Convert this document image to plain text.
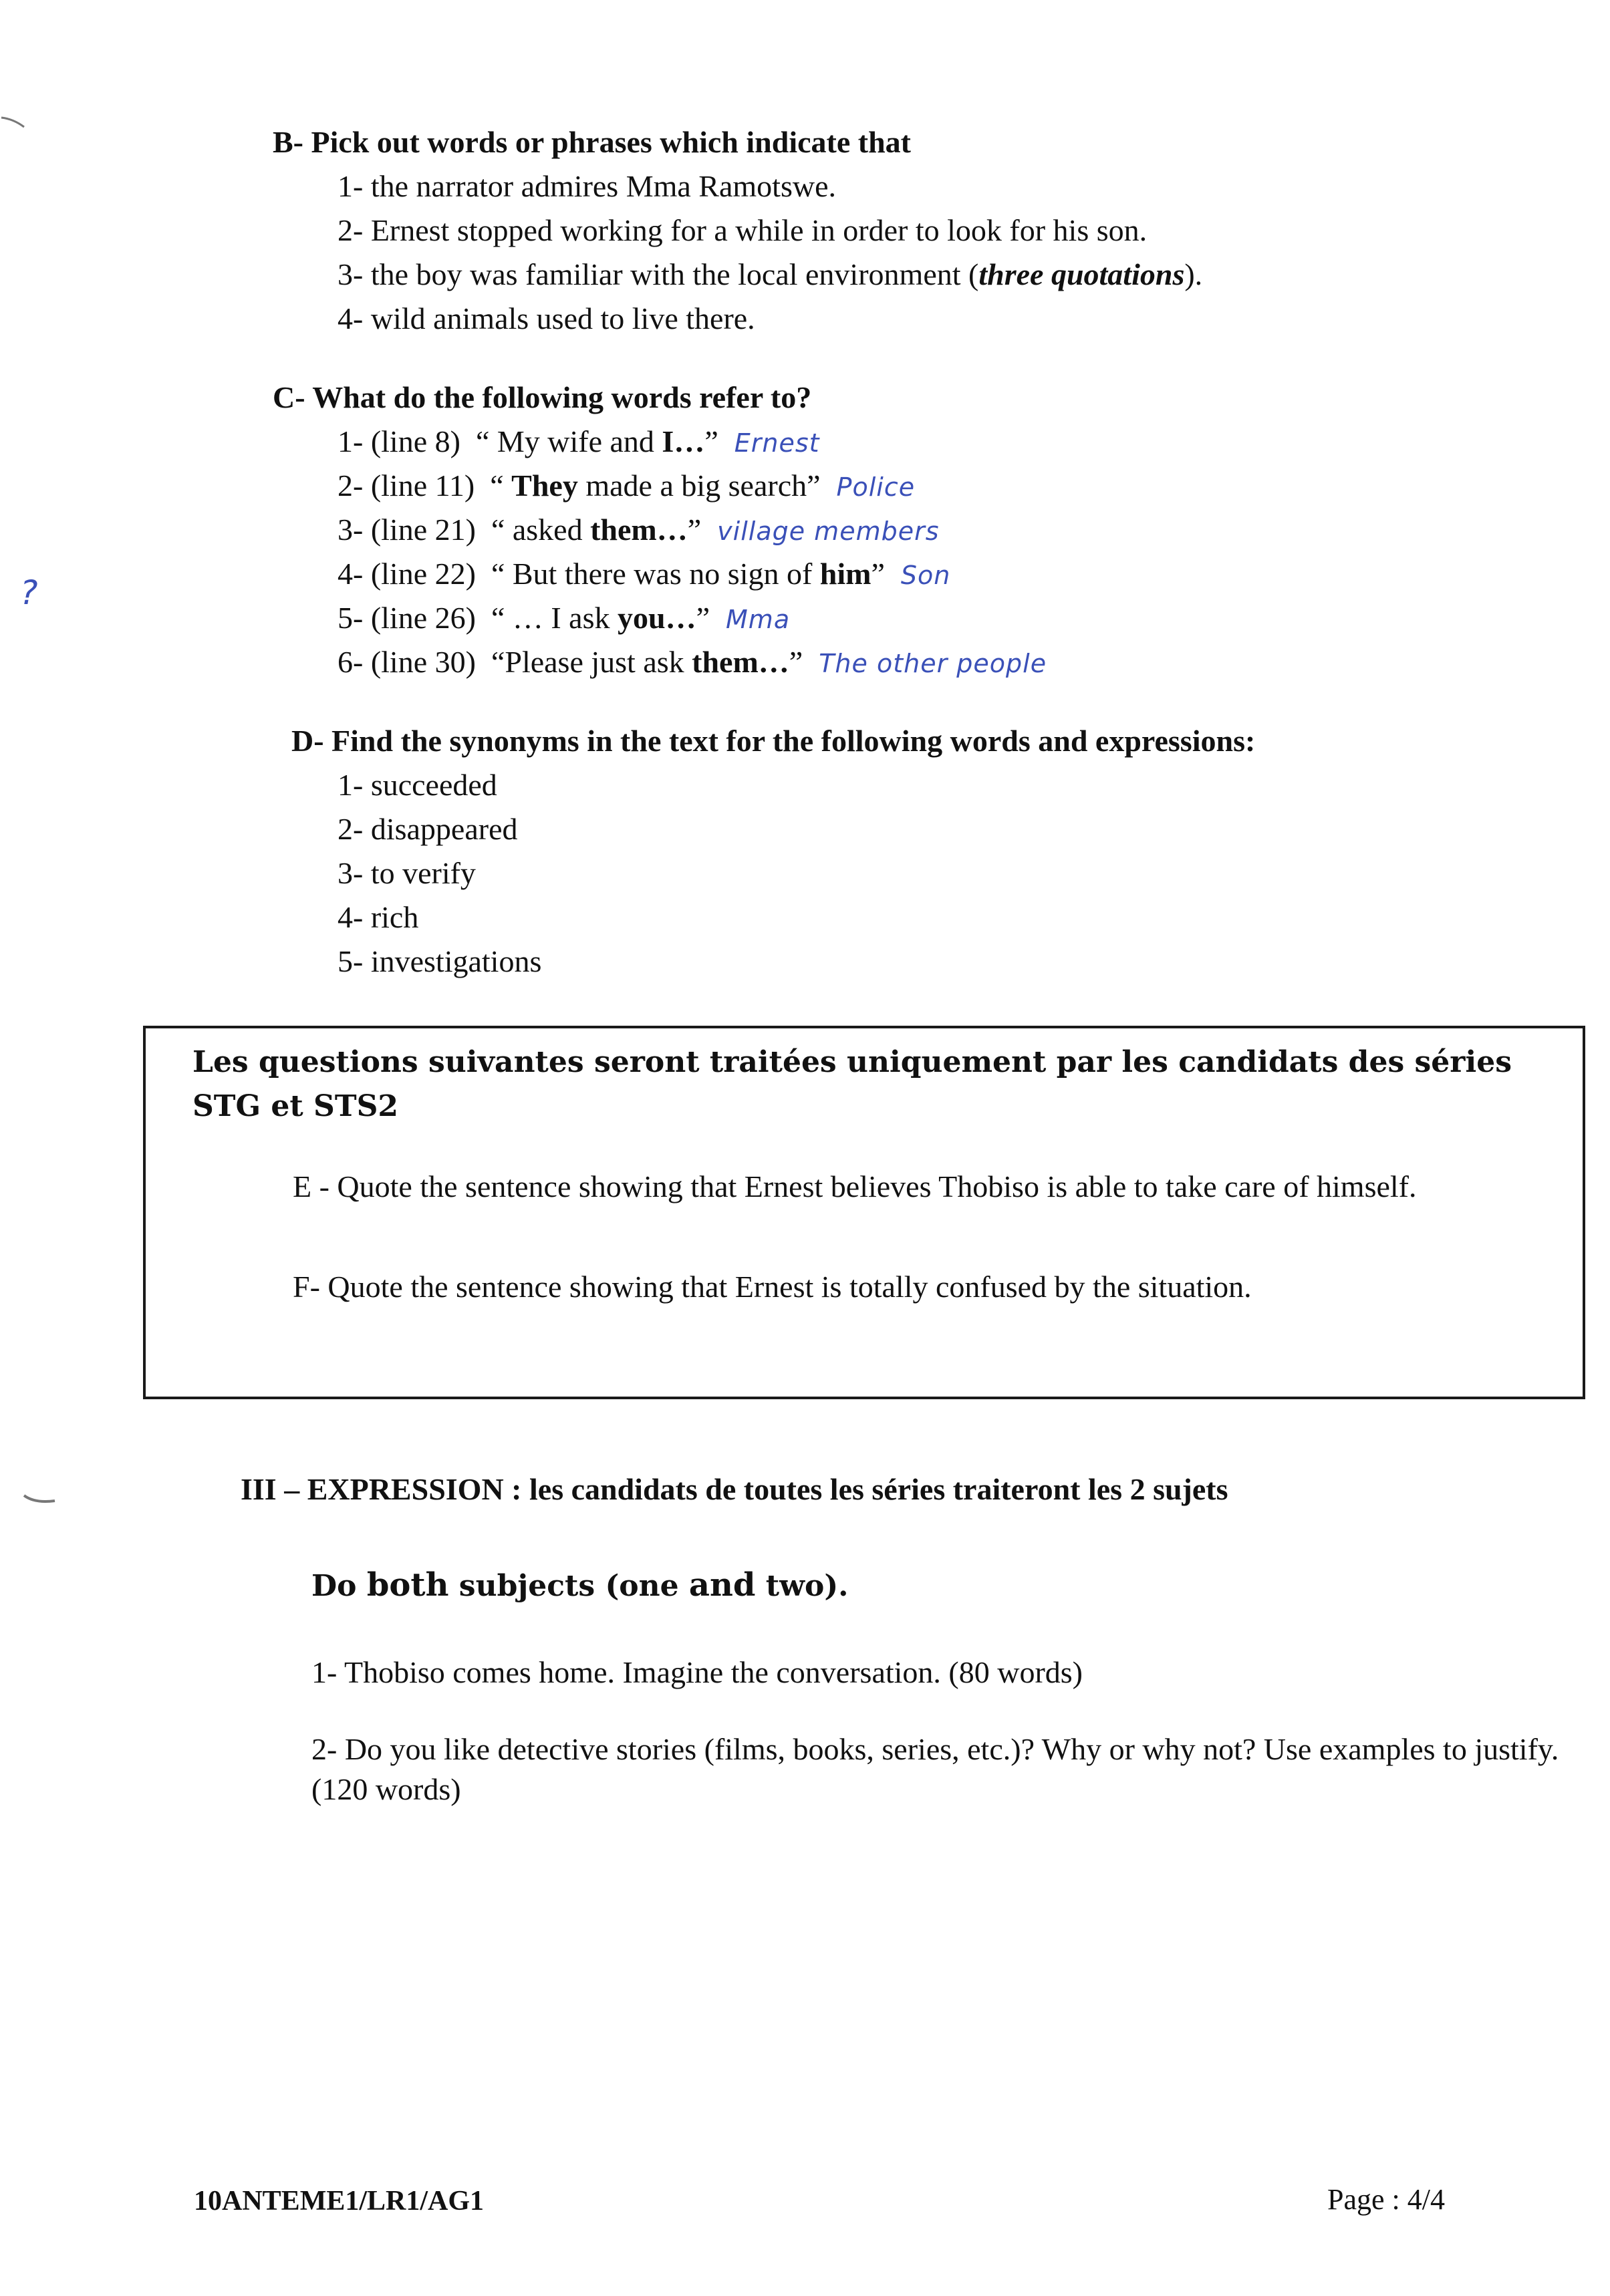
B- Pick out words or phrases which indicate that
1- the narrator admires Mma Ramotswe.
2- Ernest stopped working for a while in order to look for his son.
3- the boy was familiar with the local environment (three quotations).
4- wild animals used to live there.
C- What do the following words refer to?
1- (line 8) “ My wife and I…” Ernest
2- (line 11) “ They made a big search” Police
3- (line 21) “ asked them…” village members
4- (line 22) “ But there was no sign of him” Son
5- (line 26) “ … I ask you…” Mma
6- (line 30) “Please just ask them…” The other people
?
D- Find the synonyms in the text for the following words and expressions:
1- succeeded
2- disappeared
3- to verify
4- rich
5- investigations
Les questions suivantes seront traitées uniquement par les candidats des séries STG et STS2
E - Quote the sentence showing that Ernest believes Thobiso is able to take care of himself.
F- Quote the sentence showing that Ernest is totally confused by the situation.
III – EXPRESSION : les candidats de toutes les séries traiteront les 2 sujets
Do both subjects (one and two).
1- Thobiso comes home. Imagine the conversation. (80 words)
2- Do you like detective stories (films, books, series, etc.)? Why or why not? Use examples to justify. (120 words)
10ANTEME1/LR1/AG1	Page : 4/4
